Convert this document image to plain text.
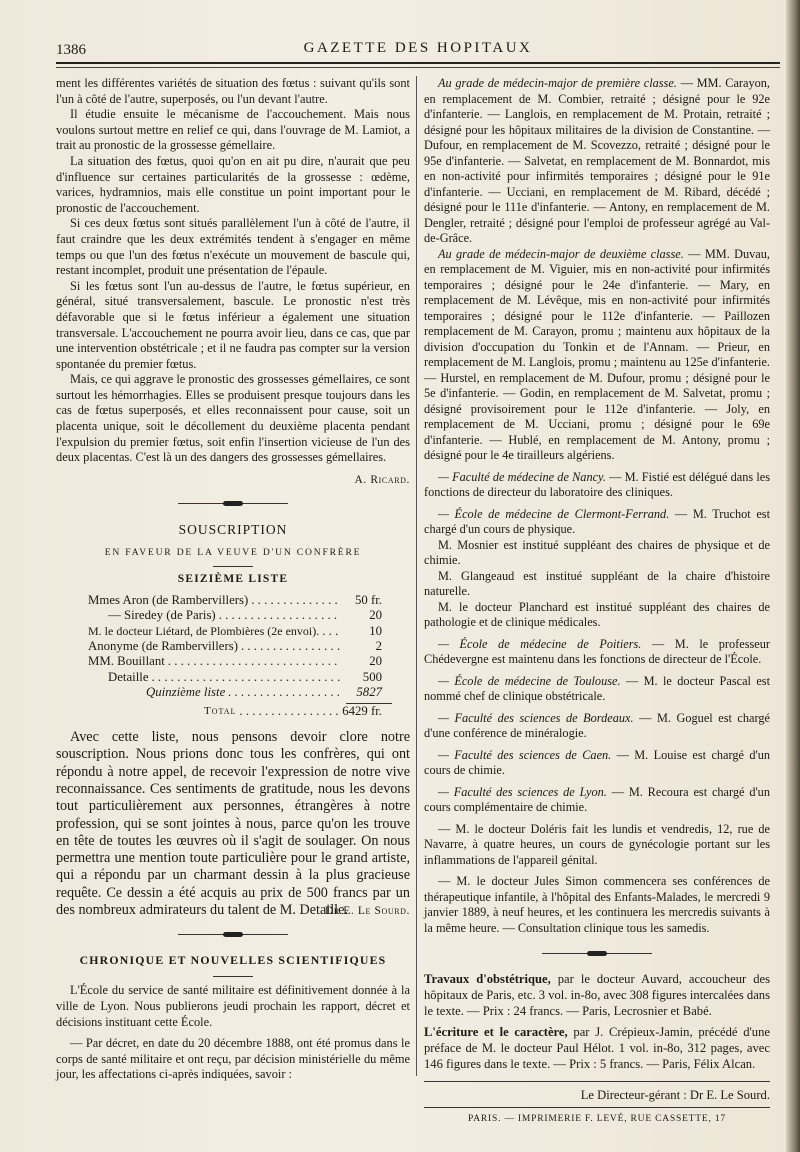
1386	GAZETTE DES HOPITAUX

ment les différentes variétés de situation des fœtus : suivant qu'ils sont l'un à côté de l'autre, superposés, ou l'un devant l'autre.

Il étudie ensuite le mécanisme de l'accouchement. Mais nous voulons surtout mettre en relief ce qui, dans l'ouvrage de M. Lamiot, a trait au pronostic de la grossesse gémellaire.

La situation des fœtus, quoi qu'on en ait pu dire, n'aurait que peu d'influence sur certaines particularités de la grossesse : œdème, varices, hydramnios, mais elle constitue un point important pour le pronostic de l'accouchement.

Si ces deux fœtus sont situés parallèlement l'un à côté de l'autre, il faut craindre que les deux extrémités tendent à s'engager en même temps ou que l'un des fœtus n'exécute un mouvement de bascule qui, restant incomplet, produit une présentation de l'épaule.

Si les fœtus sont l'un au-dessus de l'autre, le fœtus supérieur, en général, situé transversalement, bascule. Le pronostic n'est très défavorable que si le fœtus inférieur a également une situation transversale. L'accouchement ne pourra avoir lieu, dans ce cas, que par une intervention obstétricale ; et il ne faudra pas compter sur la version spontanée du premier fœtus.

Mais, ce qui aggrave le pronostic des grossesses gémellaires, ce sont surtout les hémorrhagies. Elles se produisent presque toujours dans les cas de fœtus superposés, et elles reconnaissent pour cause, soit un placenta unique, soit le décollement du deuxième placenta pendant l'expulsion du premier fœtus, soit enfin l'insertion vicieuse de l'un des deux placentas. C'est là un des dangers des grossesses gémellaires.

A. Ricard.
SOUSCRIPTION
EN FAVEUR DE LA VEUVE D'UN CONFRÈRE
SEIZIÈME LISTE
Mmes Aron (de Rambervillers) . . .	50 fr.
— Siredey (de Paris) . . .	20
M. le docteur Liétard, de Plombières (2e envoi). . . .	10
Anonyme (de Rambervillers) . . .	2
MM. Bouillant . . .	20
Detaille . . .	500
Quinzième liste . . .	5827
Total . . .	6429 fr.

Avec cette liste, nous pensons devoir clore notre souscription. Nous prions donc tous les confrères, qui ont répondu à notre appel, de recevoir l'expression de notre vive reconnaissance. Ces sentiments de gratitude, nous les devons tout particulièrement aux personnes, étrangères à notre profession, qui se sont jointes à nous, parce qu'on les trouve en tête de toutes les œuvres où il s'agit de soulager. On nous permettra une mention toute particulière pour le grand artiste, qui a répondu par un charmant dessin à la plus gracieuse requête. Ce dessin a été acquis au prix de 500 francs par un des nombreux admirateurs du talent de M. Detaille.

Dr E. Le Sourd.
CHRONIQUE ET NOUVELLES SCIENTIFIQUES

L'École du service de santé militaire est définitivement donnée à la ville de Lyon. Nous publierons jeudi prochain les rapport, décret et décisions instituant cette École.

— Par décret, en date du 20 décembre 1888, ont été promus dans le corps de santé militaire et ont reçu, par décision ministérielle du même jour, les affectations ci-après indiquées, savoir :

Au grade de médecin-major de première classe. — MM. Carayon, en remplacement de M. Combier, retraité ; désigné pour le 92e d'infanterie. — Langlois, en remplacement de M. Protain, retraité ; désigné pour les hôpitaux militaires de la division de Constantine. — Dufour, en remplacement de M. Scovezzo, retraité ; désigné pour le 95e d'infanterie. — Salvetat, en remplacement de M. Bonnardot, mis en non-activité pour infirmités temporaires ; désigné pour le 91e d'infanterie. — Ucciani, en remplacement de M. Ribard, décédé ; désigné pour le 111e d'infanterie. — Antony, en remplacement de M. Dengler, retraité ; désigné pour l'emploi de professeur agrégé au Val-de-Grâce.

Au grade de médecin-major de deuxième classe. — MM. Duvau, en remplacement de M. Viguier, mis en non-activité pour infirmités temporaires ; désigné pour le 24e d'infanterie. — Mary, en remplacement de M. Lévêque, mis en non-activité pour infirmités temporaires ; désigné pour le 112e d'infanterie. — Paillozen remplacement de M. Carayon, promu ; maintenu aux hôpitaux de la division d'occupation du Tonkin et de l'Annam. — Prieur, en remplacement de M. Langlois, promu ; maintenu au 125e d'infanterie. — Hurstel, en remplacement de M. Dufour, promu ; désigné pour le 5e d'infanterie. — Godin, en remplacement de M. Salvetat, promu ; désigné provisoirement pour le 112e d'infanterie. — Joly, en remplacement de M. Ucciani, promu ; désigné pour le 69e d'infanterie. — Hublé, en remplacement de M. Antony, promu ; désigné pour le 4e tirailleurs algériens.

— Faculté de médecine de Nancy. — M. Fistié est délégué dans les fonctions de directeur du laboratoire des cliniques.

— École de médecine de Clermont-Ferrand. — M. Truchot est chargé d'un cours de physique.

M. Mosnier est institué suppléant des chaires de physique et de chimie.

M. Glangeaud est institué suppléant de la chaire d'histoire naturelle.

M. le docteur Planchard est institué suppléant des chaires de pathologie et de clinique médicales.

— École de médecine de Poitiers. — M. le professeur Chédevergne est maintenu dans les fonctions de directeur de l'École.

— École de médecine de Toulouse. — M. le docteur Pascal est nommé chef de clinique obstétricale.

— Faculté des sciences de Bordeaux. — M. Goguel est chargé d'une conférence de minéralogie.

— Faculté des sciences de Caen. — M. Louise est chargé d'un cours de chimie.

— Faculté des sciences de Lyon. — M. Recoura est chargé d'un cours complémentaire de chimie.

— M. le docteur Doléris fait les lundis et vendredis, 12, rue de Navarre, à quatre heures, un cours de gynécologie portant sur les inflammations de l'appareil génital.

— M. le docteur Jules Simon commencera ses conférences de thérapeutique infantile, à l'hôpital des Enfants-Malades, le mercredi 9 janvier 1889, à neuf heures, et les continuera les mercredis suivants à la même heure. — Consultation clinique tous les samedis.

Travaux d'obstétrique, par le docteur Auvard, accoucheur des hôpitaux de Paris, etc. 3 vol. in-8o, avec 308 figures intercalées dans le texte. — Prix : 24 francs. — Paris, Lecrosnier et Babé.

L'écriture et le caractère, par J. Crépieux-Jamin, précédé d'une préface de M. le docteur Paul Hélot. 1 vol. in-8o, 312 pages, avec 146 figures dans le texte. — Prix : 5 francs. — Paris, Félix Alcan.

Le Directeur-gérant : Dr E. Le Sourd.
PARIS. — IMPRIMERIE F. LEVÉ, RUE CASSETTE, 17
